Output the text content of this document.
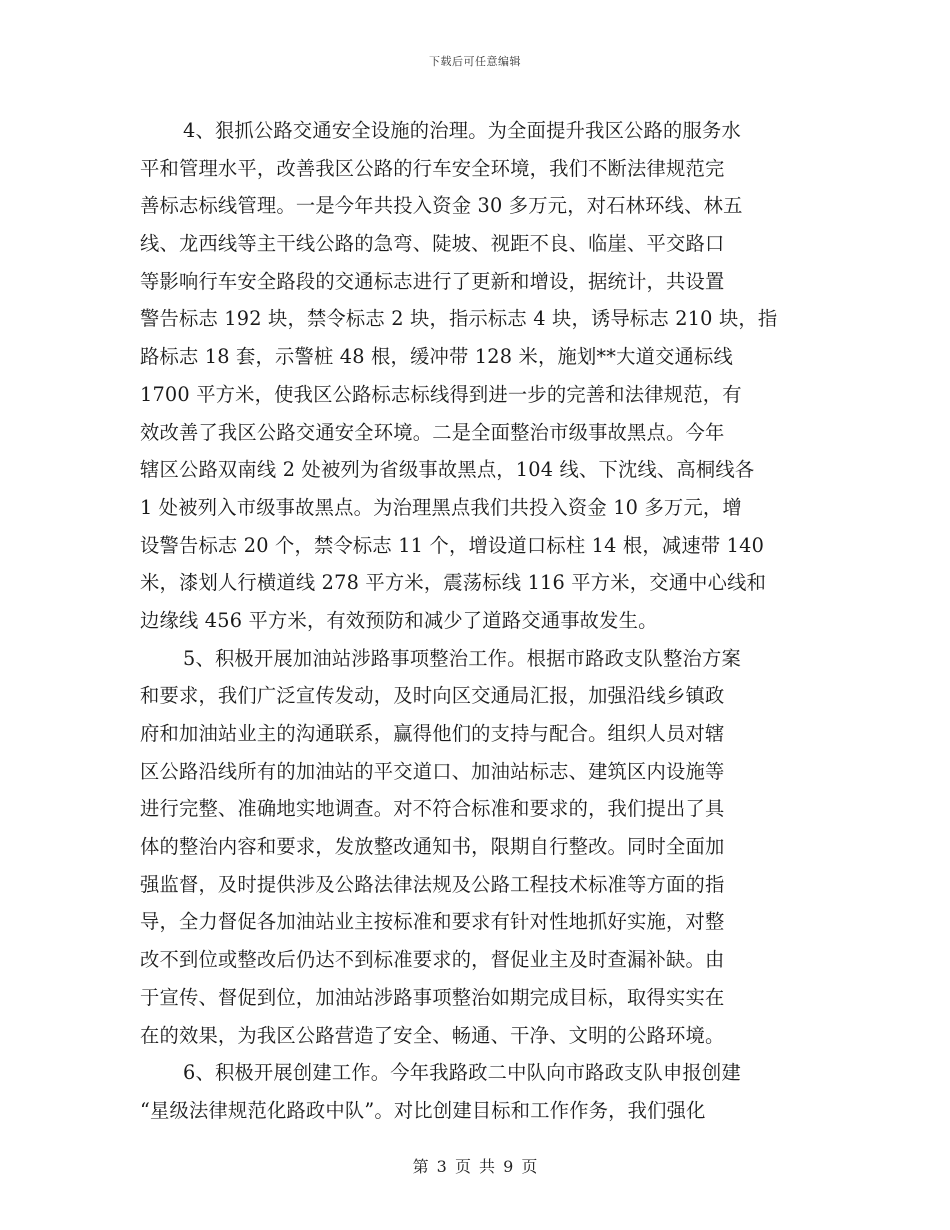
下载后可任意编辑
4、狠抓公路交通安全设施的治理。为全面提升我区公路的服务水
平和管理水平，改善我区公路的行车安全环境，我们不断法律规范完
善标志标线管理。一是今年共投入资金 30 多万元，对石林环线、林五
线、龙西线等主干线公路的急弯、陡坡、视距不良、临崖、平交路口
等影响行车安全路段的交通标志进行了更新和增设，据统计，共设置
警告标志 192 块，禁令标志 2 块，指示标志 4 块，诱导标志 210 块，指
路标志 18 套，示警桩 48 根，缓冲带 128 米，施划**大道交通标线
1700 平方米，使我区公路标志标线得到进一步的完善和法律规范，有
效改善了我区公路交通安全环境。二是全面整治市级事故黑点。今年
辖区公路双南线 2 处被列为省级事故黑点，104 线、下沈线、高桐线各
1 处被列入市级事故黑点。为治理黑点我们共投入资金 10 多万元，增
设警告标志 20 个，禁令标志 11 个，增设道口标柱 14 根，减速带 140
米，漆划人行横道线 278 平方米，震荡标线 116 平方米，交通中心线和
边缘线 456 平方米，有效预防和减少了道路交通事故发生。
5、积极开展加油站涉路事项整治工作。根据市路政支队整治方案
和要求，我们广泛宣传发动，及时向区交通局汇报，加强沿线乡镇政
府和加油站业主的沟通联系，赢得他们的支持与配合。组织人员对辖
区公路沿线所有的加油站的平交道口、加油站标志、建筑区内设施等
进行完整、准确地实地调查。对不符合标准和要求的，我们提出了具
体的整治内容和要求，发放整改通知书，限期自行整改。同时全面加
强监督，及时提供涉及公路法律法规及公路工程技术标准等方面的指
导，全力督促各加油站业主按标准和要求有针对性地抓好实施，对整
改不到位或整改后仍达不到标准要求的，督促业主及时查漏补缺。由
于宣传、督促到位，加油站涉路事项整治如期完成目标，取得实实在
在的效果，为我区公路营造了安全、畅通、干净、文明的公路环境。
6、积极开展创建工作。今年我路政二中队向市路政支队申报创建
“星级法律规范化路政中队”。对比创建目标和工作作务，我们强化
第 3 页 共 9 页
